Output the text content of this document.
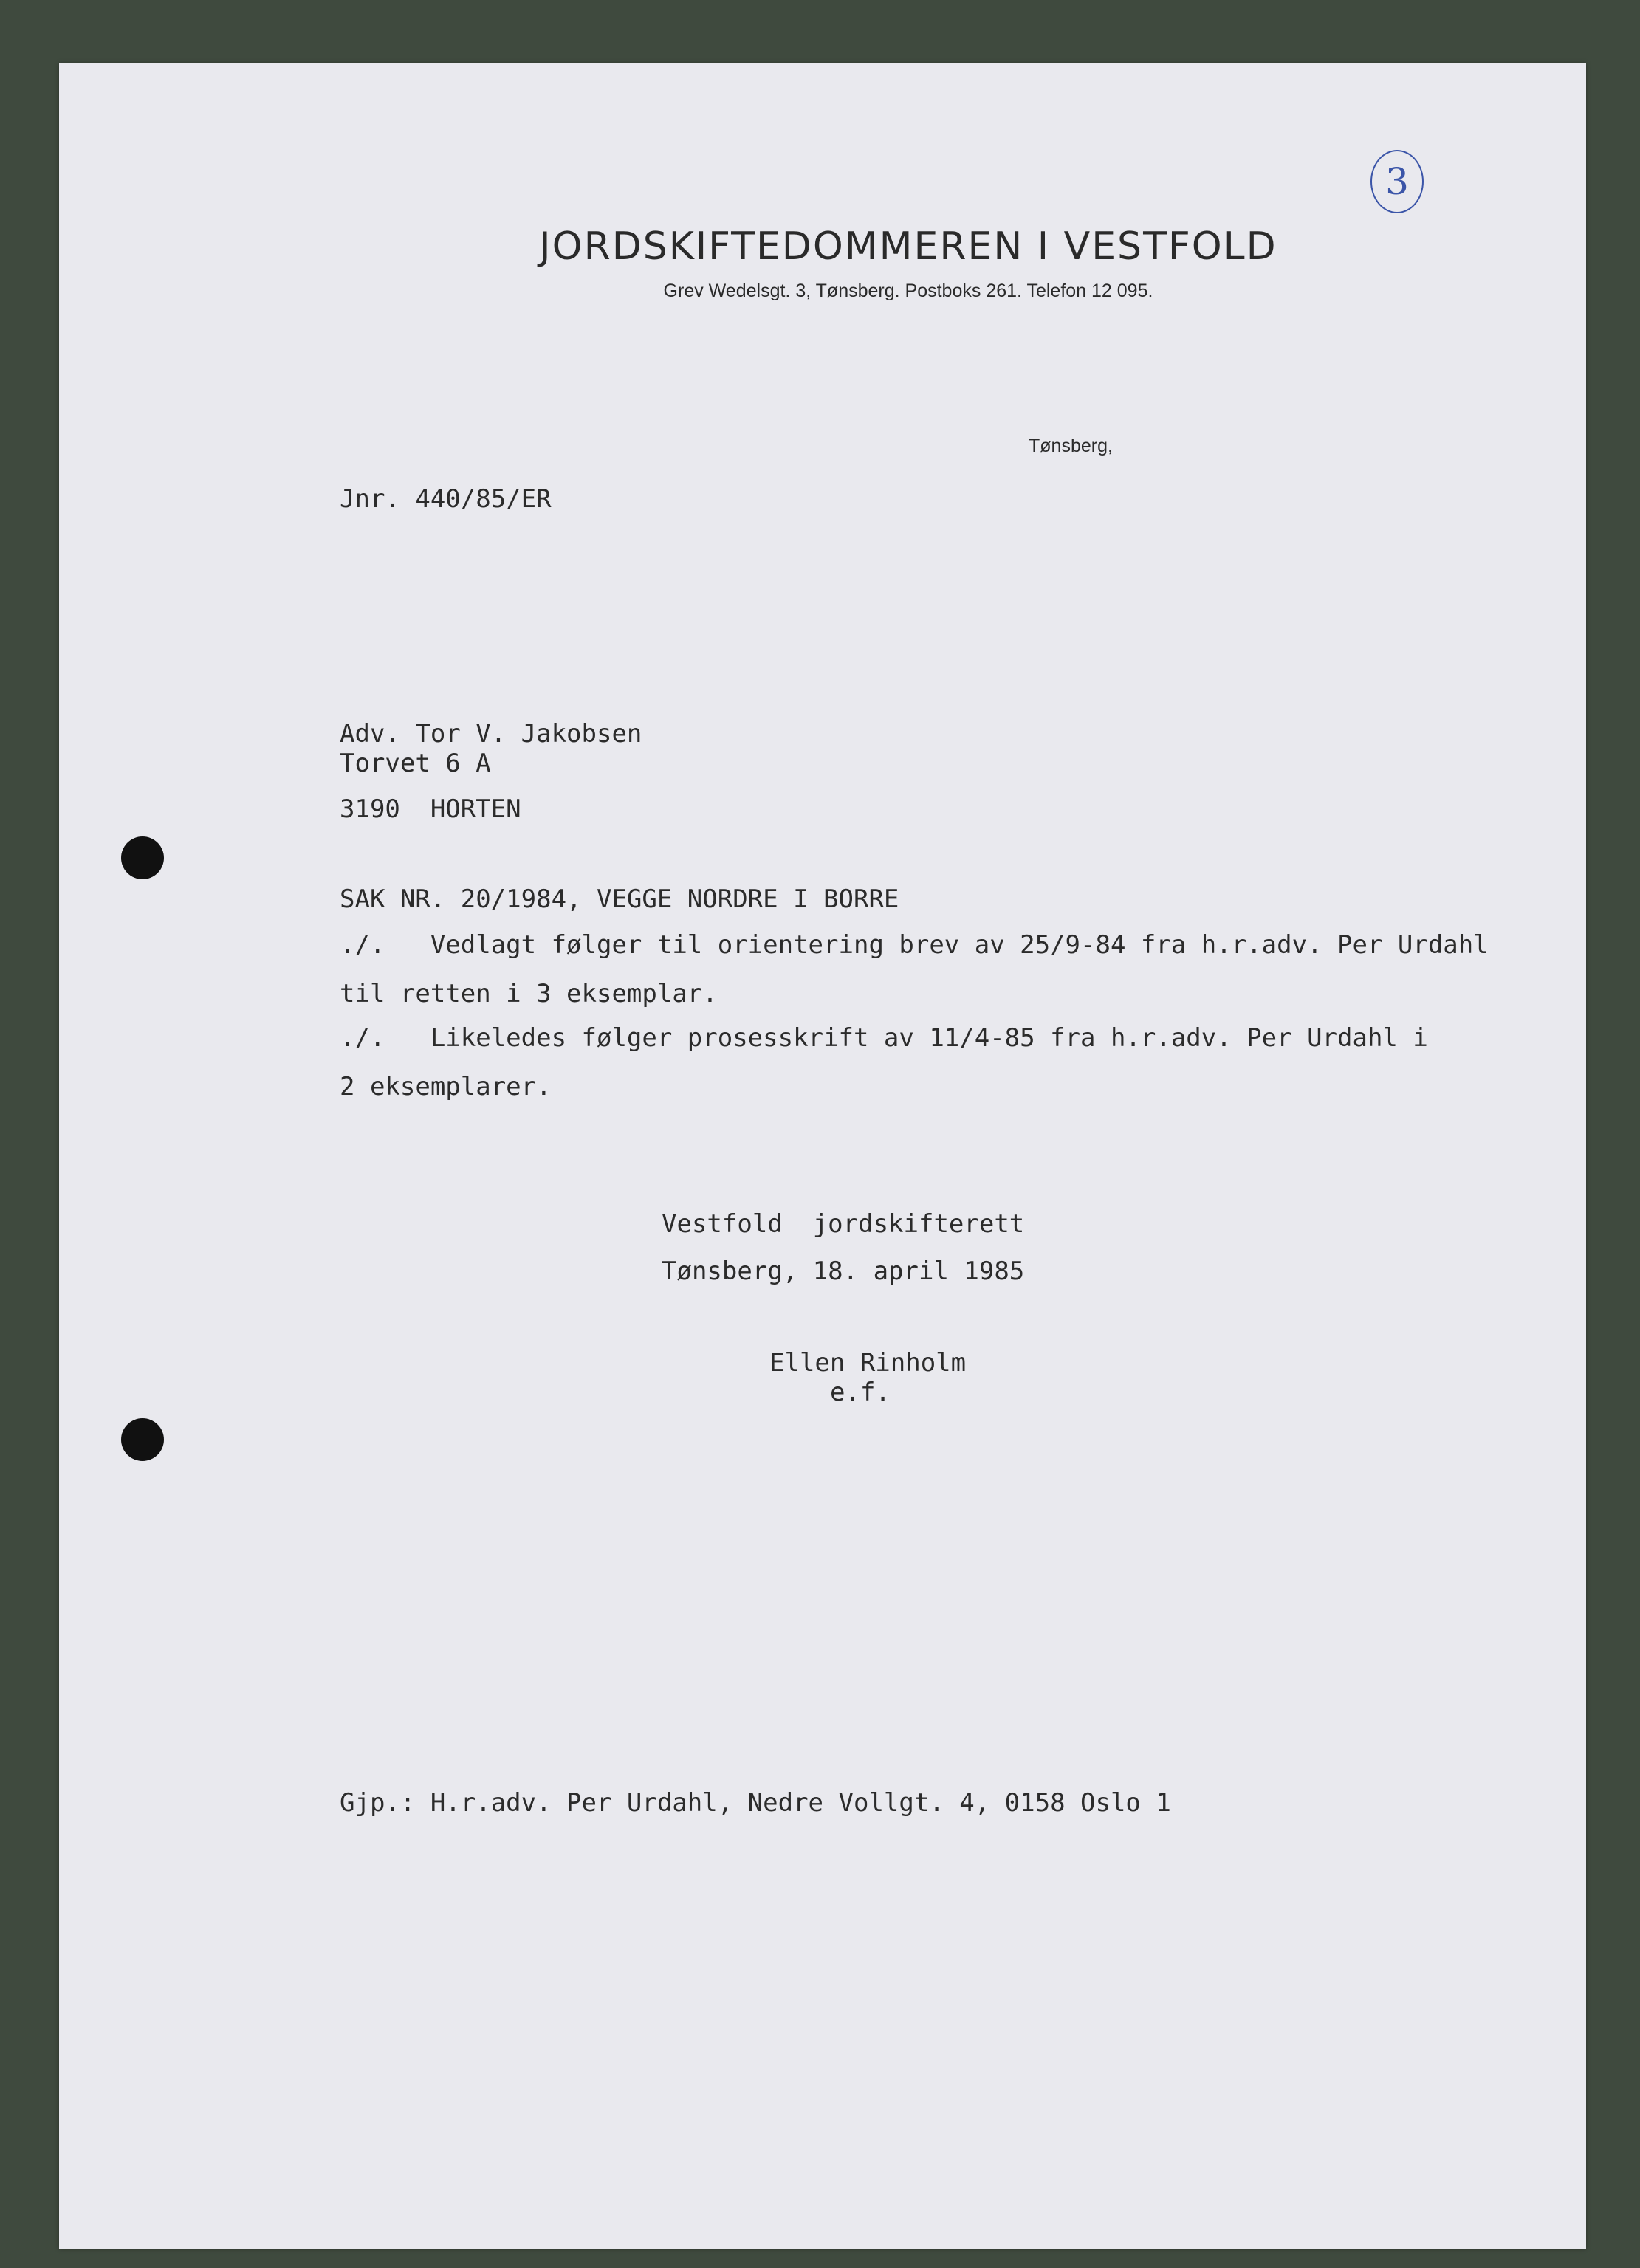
3

JORDSKIFTEDOMMEREN I VESTFOLD

Grev Wedelsgt. 3, Tønsberg. Postboks 261. Telefon 12 095.

Tønsberg,

Jnr. 440/85/ER

Adv. Tor V. Jakobsen

Torvet 6 A

3190  HORTEN

SAK NR. 20/1984, VEGGE NORDRE I BORRE

./.   Vedlagt følger til orientering brev av 25/9-84 fra h.r.adv. Per Urdahl

til retten i 3 eksemplar.

./.   Likeledes følger prosesskrift av 11/4-85 fra h.r.adv. Per Urdahl i

2 eksemplarer.

Vestfold  jordskifterett

Tønsberg, 18. april 1985

Ellen Rinholm

e.f.

Gjp.: H.r.adv. Per Urdahl, Nedre Vollgt. 4, 0158 Oslo 1
